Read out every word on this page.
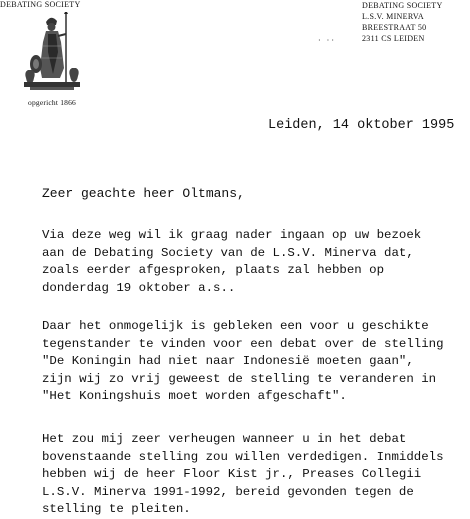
DEBATING SOCIETY
opgericht 1866
DEBATING SOCIETY
L.S.V. MINERVA
BREESTRAAT 50
2311 CS LEIDEN
· ··
Leiden, 14 oktober 1995
Zeer geachte heer Oltmans,
Via deze weg wil ik graag nader ingaan op uw bezoek
aan de Debating Society van de L.S.V. Minerva dat,
zoals eerder afgesproken, plaats zal hebben op
donderdag 19 oktober a.s..
Daar het onmogelijk is gebleken een voor u geschikte
tegenstander te vinden voor een debat over de stelling
"De Koningin had niet naar Indonesië moeten gaan",
zijn wij zo vrij geweest de stelling te veranderen in
"Het Koningshuis moet worden afgeschaft".
Het zou mij zeer verheugen wanneer u in het debat
bovenstaande stelling zou willen verdedigen. Inmiddels
hebben wij de heer Floor Kist jr., Preases Collegii
L.S.V. Minerva 1991-1992, bereid gevonden tegen de
stelling te pleiten.
